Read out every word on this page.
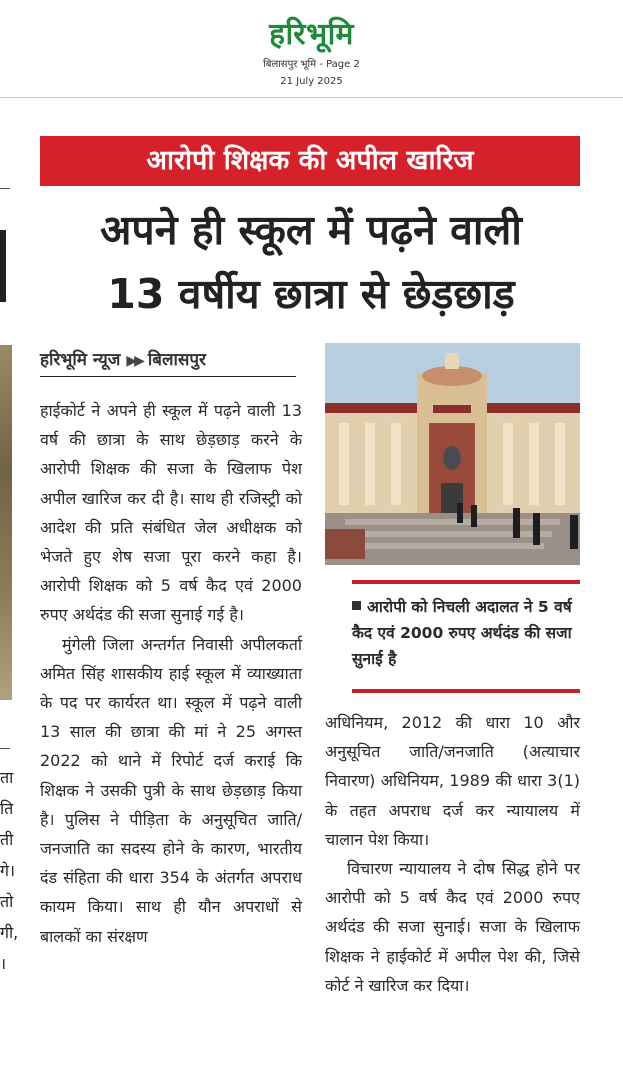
हरिभूमि
बिलासपुर भूमि - Page 2
21 July 2025
ता
ति
ती
गे।
तो
गी,
।
आरोपी शिक्षक की अपील खारिज
अपने ही स्कूल में पढ़ने वाली
13 वर्षीय छात्रा से छेड़छाड़
हरिभूमि न्यूज ▶▶ बिलासपुर

हाईकोर्ट ने अपने ही स्कूल में पढ़ने वाली 13 वर्ष की छात्रा के साथ छेड़छाड़ करने के आरोपी शिक्षक की सजा के खिलाफ पेश अपील खारिज कर दी है। साथ ही रजिस्ट्री को आदेश की प्रति संबंधित जेल अधीक्षक को भेजते हुए शेष सजा पूरा करने कहा है। आरोपी शिक्षक को 5 वर्ष कैद एवं 2000 रुपए अर्थदंड की सजा सुनाई गई है।

मुंगेली जिला अन्तर्गत निवासी अपीलकर्ता अमित सिंह शासकीय हाई स्कूल में व्याख्याता के पद पर कार्यरत था। स्कूल में पढ़ने वाली 13 साल की छात्रा की मां ने 25 अगस्त 2022 को थाने में रिपोर्ट दर्ज कराई कि शिक्षक ने उसकी पुत्री के साथ छेड़छाड़ किया है। पुलिस ने पीड़िता के अनुसूचित जाति/जनजाति का सदस्य होने के कारण, भारतीय दंड संहिता की धारा 354 के अंतर्गत अपराध कायम किया। साथ ही यौन अपराधों से बालकों का संरक्षण

आरोपी को निचली अदालत ने 5 वर्ष कैद एवं 2000 रुपए अर्थदंड की सजा सुनाई है

अधिनियम, 2012 की धारा 10 और अनुसूचित जाति/जनजाति (अत्याचार निवारण) अधिनियम, 1989 की धारा 3(1) के तहत अपराध दर्ज कर न्यायालय में चालान पेश किया।

विचारण न्यायालय ने दोष सिद्ध होने पर आरोपी को 5 वर्ष कैद एवं 2000 रुपए अर्थदंड की सजा सुनाई। सजा के खिलाफ शिक्षक ने हाईकोर्ट में अपील पेश की, जिसे कोर्ट ने खारिज कर दिया।
